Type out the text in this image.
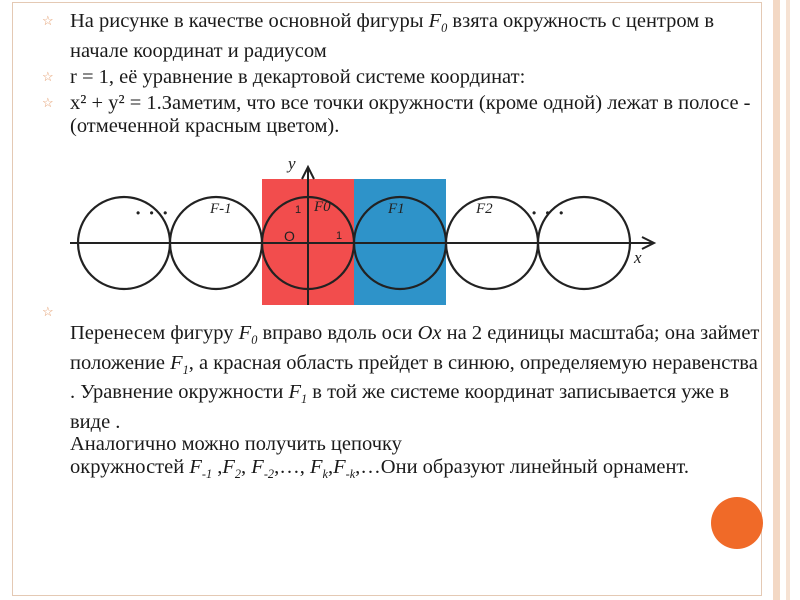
☆ На рисунке в качестве основной фигуры $F_0$ взята окружность с центром в начале координат и радиусом
☆ r = 1, её уравнение в декартовой системе координат:
☆ x² + y² = 1.Заметим, что все точки окружности (кроме одной) лежат в полосе - (отмеченной красным цветом).
y
x
O
1
1
• • •	• • •
F-1	F0	F1	F2
☆
Перенесем фигуру $F_0$ вправо вдоль оси Ox на 2 единицы масштаба; она займет положение $F_1$, а красная область прейдет в синюю, определяемую неравенства . Уравнение окружности $F_1$ в той же системе координат записывается уже в виде .
Аналогично можно получить цепочку
окружностей $F_{-1}$ $,F_2$, $F_{-2},\dots$, $F_k,F_{-k},\dots Они$ образуют линейный орнамент.
